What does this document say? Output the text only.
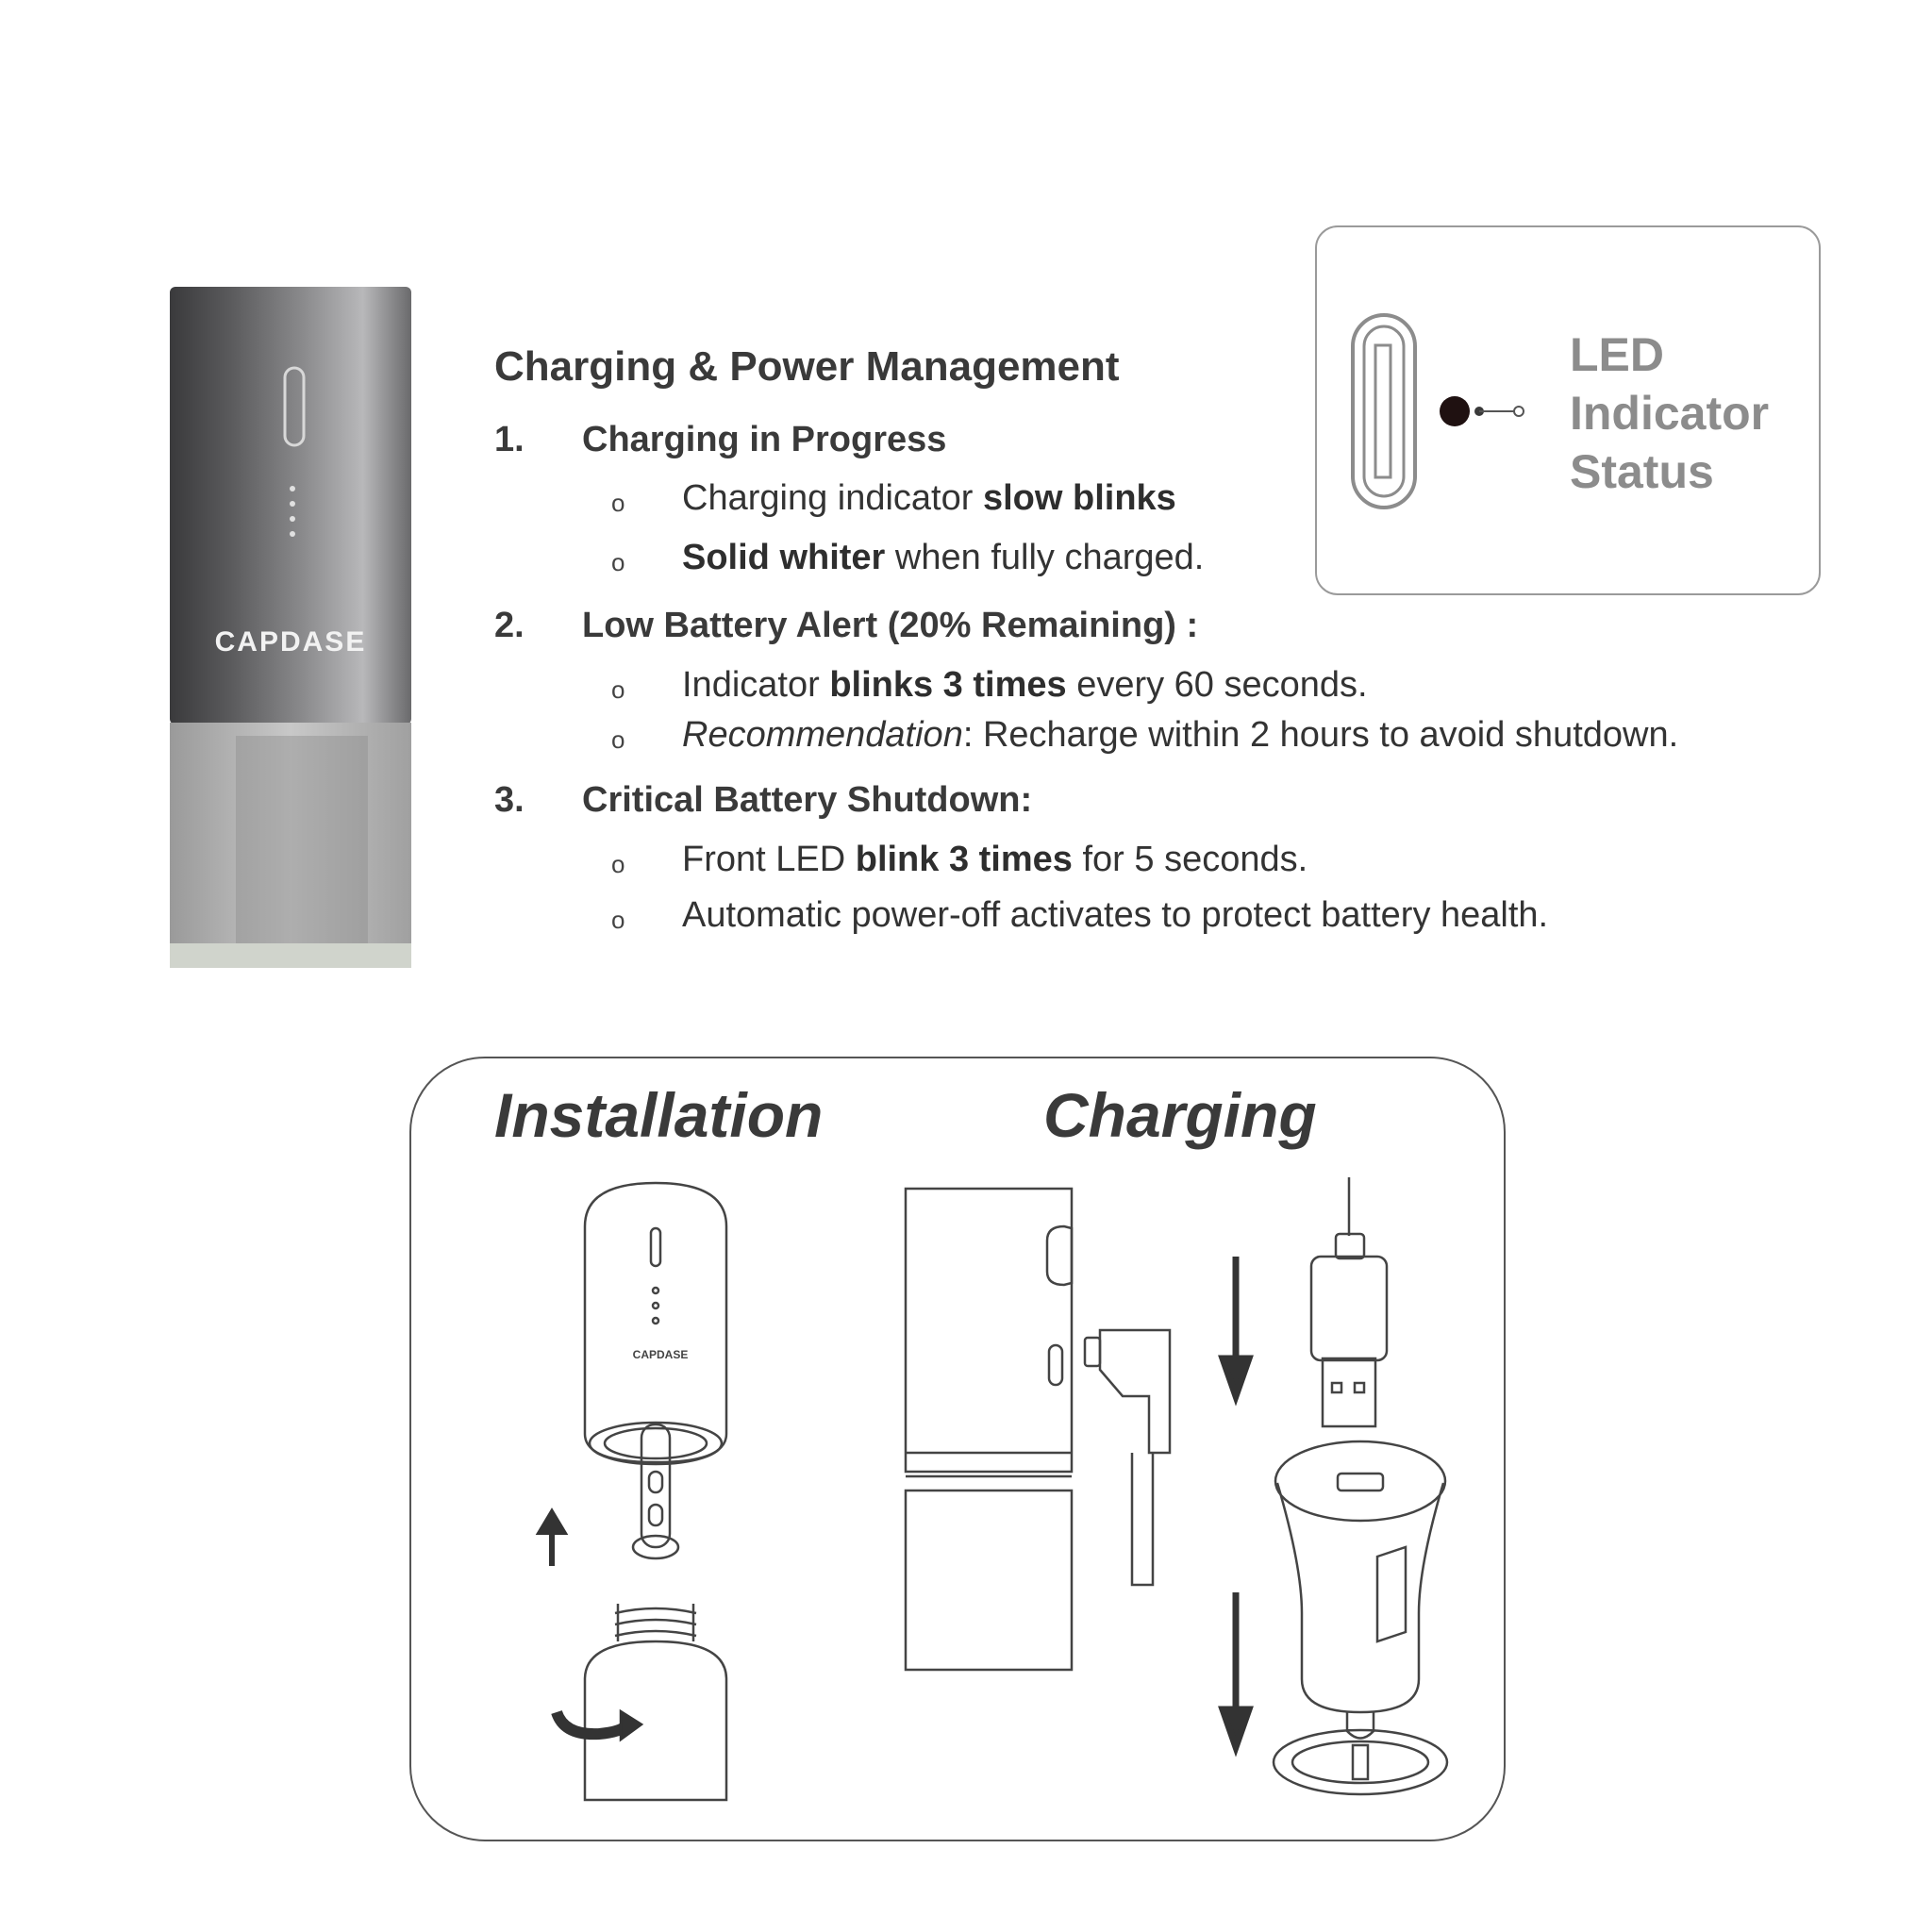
CAPDASE
Charging & Power Management
1. Charging in Progress
o Charging indicator slow blinks
o Solid whiter when fully charged.
2. Low Battery Alert (20% Remaining) :
o Indicator blinks 3 times every 60 seconds.
o Recommendation: Recharge within 2 hours to avoid shutdown.
3. Critical Battery Shutdown:
o Front LED blink 3 times for 5 seconds.
o Automatic power-off activates to protect battery health.
LED
Indicator
Status
Installation	Charging
CAPDASE
